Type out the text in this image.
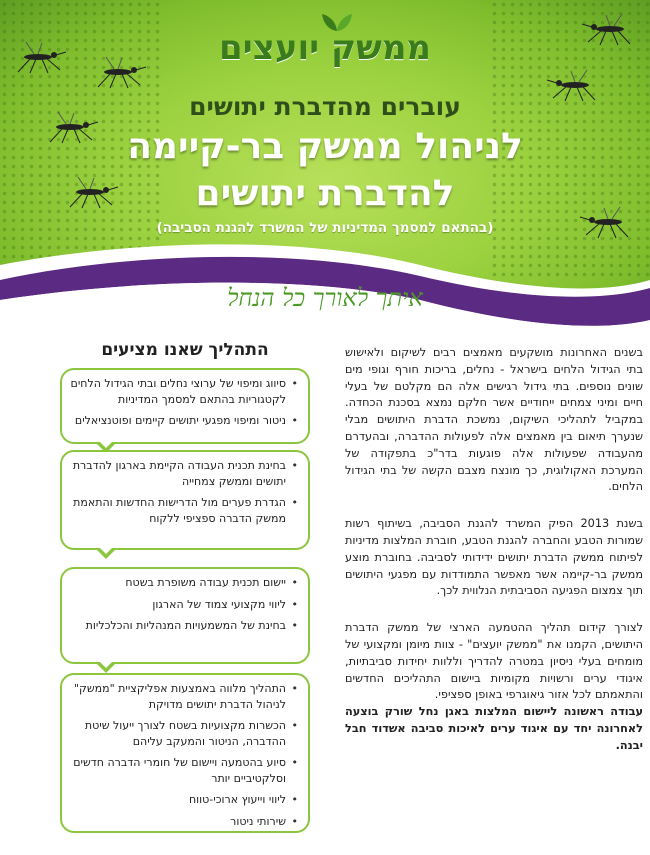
ממשק יועצים
עוברים מהדברת יתושים
לניהול ממשק בר-קיימה
להדברת יתושים
(בהתאם למסמך המדיניות של המשרד להגנת הסביבה)
איתך לאורך כל הנחל

בשנים האחרונות מושקעים מאמצים רבים לשיקום ולאישוש בתי הגידול הלחים בישראל - נחלים, בריכות חורף וגופי מים שונים נוספים. בתי גידול רגישים אלה הם מקלטם של בעלי חיים ומיני צמחים ייחודיים אשר חלקם נמצא בסכנת הכחדה. במקביל לתהליכי השיקום, נמשכת הדברת היתושים מבלי שנערך תיאום בין מאמצים אלה לפעולות ההדברה, ובהעדרם מהעבודה שפעולות אלה פוגעות בדר"כ בתפקודה של המערכת האקולוגית, כך מונצח מצבם הקשה של בתי הגידול הלחים.

בשנת 2013 הפיק המשרד להגנת הסביבה, בשיתוף רשות שמורות הטבע והחברה להגנת הטבע, חוברת המלצות מדיניות לפיתוח ממשק הדברת יתושים ידידותי לסביבה. בחוברת מוצע ממשק בר-קיימה אשר מאפשר התמודדות עם מפגעי היתושים תוך צמצום הפגיעה הסביבתית הנלווית לכך.

לצורך קידום תהליך ההטמעה הארצי של ממשק הדברת היתושים, הקמנו את "ממשק יועצים" - צוות מיומן ומקצועי של מומחים בעלי ניסיון במטרה להדריך וללוות יחידות סביבתיות, איגודי ערים ורשויות מקומיות ביישום התהליכים החדשים והתאמתם לכל אזור גיאוגרפי באופן ספציפי.

עבודה ראשונה ליישום המלצות באגן נחל שורק בוצעה לאחרונה יחד עם איגוד ערים לאיכות סביבה אשדוד חבל יבנה.

התהליך שאנו מציעים
• סיווג ומיפוי של ערוצי נחלים ובתי הגידול הלחים לקטגוריות בהתאם למסמך המדיניות
• ניטור ומיפוי מפגעי יתושים קיימים ופוטנציאלים
• בחינת תכנית העבודה הקיימת בארגון להדברת יתושים וממשק צמחייה
• הגדרת פערים מול הדרישות החדשות והתאמת ממשק הדברה ספציפי ללקוח
• יישום תכנית עבודה משופרת בשטח
• ליווי מקצועי צמוד של הארגון
• בחינת של המשמעויות המנהליות והכלכליות
• התהליך מלווה באמצעות אפליקציית "ממשק" לניהול הדברת יתושים מדויקת
• הכשרות מקצועיות בשטח לצורך ייעול שיטת ההדברה, הניטור והמעקב עליהם
• סיוע בהטמעה ויישום של חומרי הדברה חדשים וסלקטיביים יותר
• ליווי וייעוץ ארוכי-טווח
• שירותי ניטור
